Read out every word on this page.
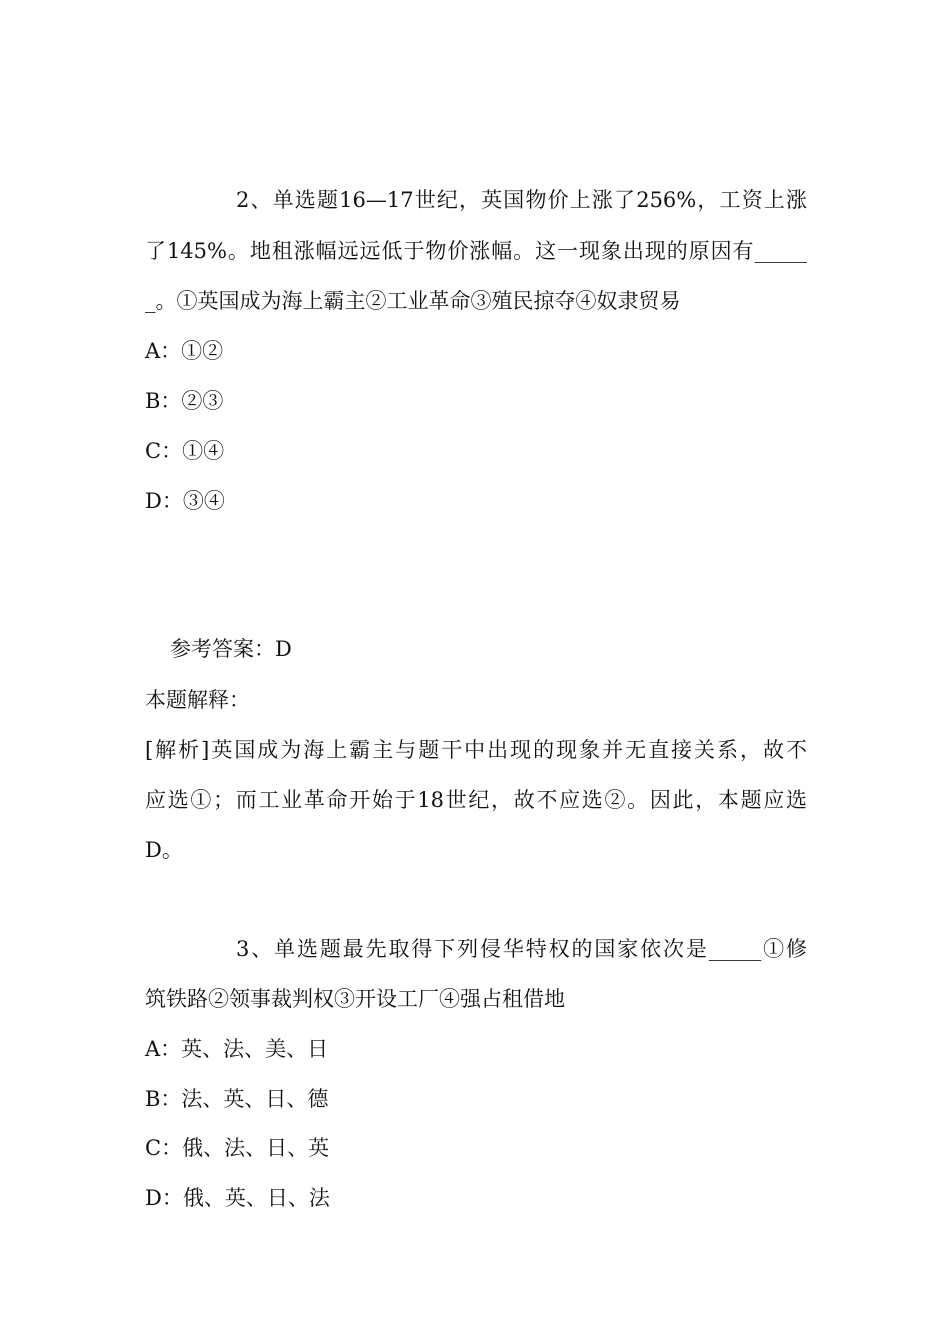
2、单选题16—17世纪，英国物价上涨了256%，工资上涨
了145%。地租涨幅远远低于物价涨幅。这一现象出现的原因有_____
_。①英国成为海上霸主②工业革命③殖民掠夺④奴隶贸易
A：①②
B：②③
C：①④
D：③④
参考答案：D
本题解释：
[解析]英国成为海上霸主与题干中出现的现象并无直接关系，故不
应选①；而工业革命开始于18世纪，故不应选②。因此，本题应选
D。
3、单选题最先取得下列侵华特权的国家依次是_____①修
筑铁路②领事裁判权③开设工厂④强占租借地
A：英、法、美、日
B：法、英、日、德
C：俄、法、日、英
D：俄、英、日、法
